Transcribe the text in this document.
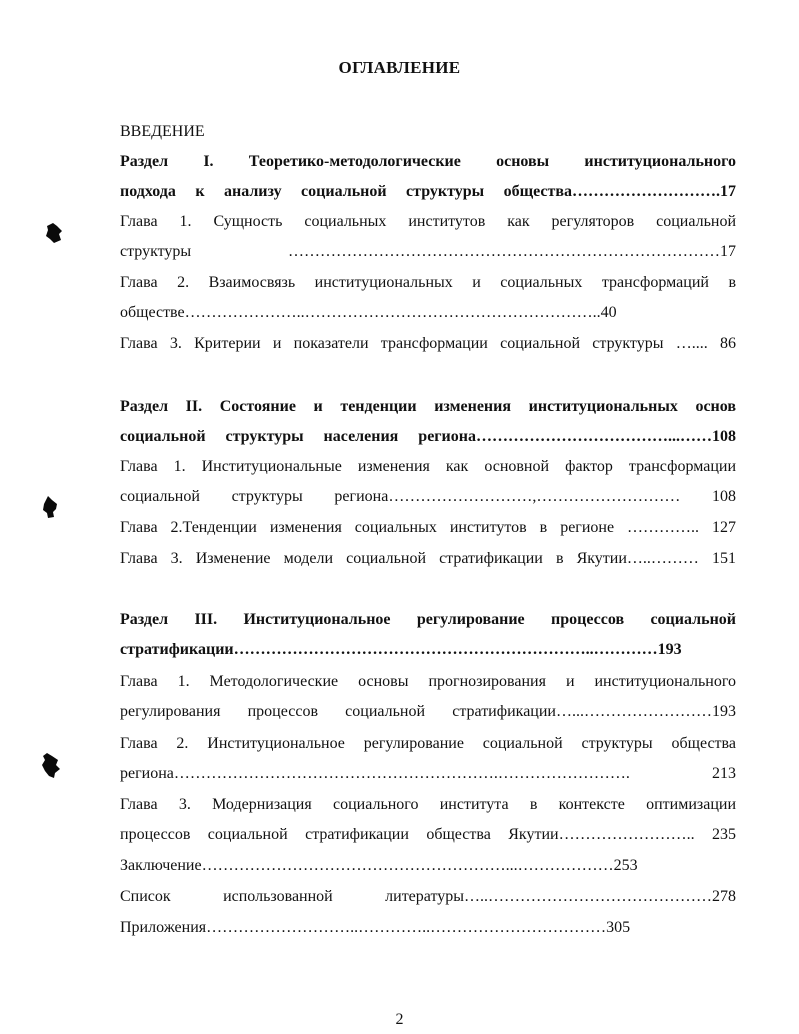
ОГЛАВЛЕНИЕ
ВВЕДЕНИЕ
Раздел I. Теоретико-методологические основы институционального
подхода к анализу социальной структуры общества……………………….17
Глава 1. Сущность социальных институтов как регуляторов социальной
структуры ………………………………………………………………………17
Глава 2. Взаимосвязь институциональных и социальных трансформаций в
обществе…………………..………………………………………………..40
Глава 3. Критерии и показатели трансформации социальной структуры ….... 86
Раздел II. Состояние и тенденции изменения институциональных основ
социальной структуры населения региона………………………………...……108
Глава 1. Институциональные изменения как основной фактор трансформации
социальной структуры региона………………………,……………………… 108
Глава 2.Тенденции изменения социальных институтов в регионе ………….. 127
Глава 3. Изменение модели социальной стратификации в Якутии…..……… 151
Раздел III. Институциональное регулирование процессов социальной
стратификации…………………………………………………………..…………193
Глава 1. Методологические основы прогнозирования и институционального
регулирования процессов социальной стратификации…...……………………193
Глава 2. Институциональное регулирование социальной структуры общества
региона…………………………………………………….……………………. 213
Глава 3. Модернизация социального института в контексте оптимизации
процессов социальной стратификации общества Якутии…………………….. 235
Заключение…………………………………………………...………………253
Список использованной литературы…..……………………………………278
Приложения………………………..…………..……………………………305
2
